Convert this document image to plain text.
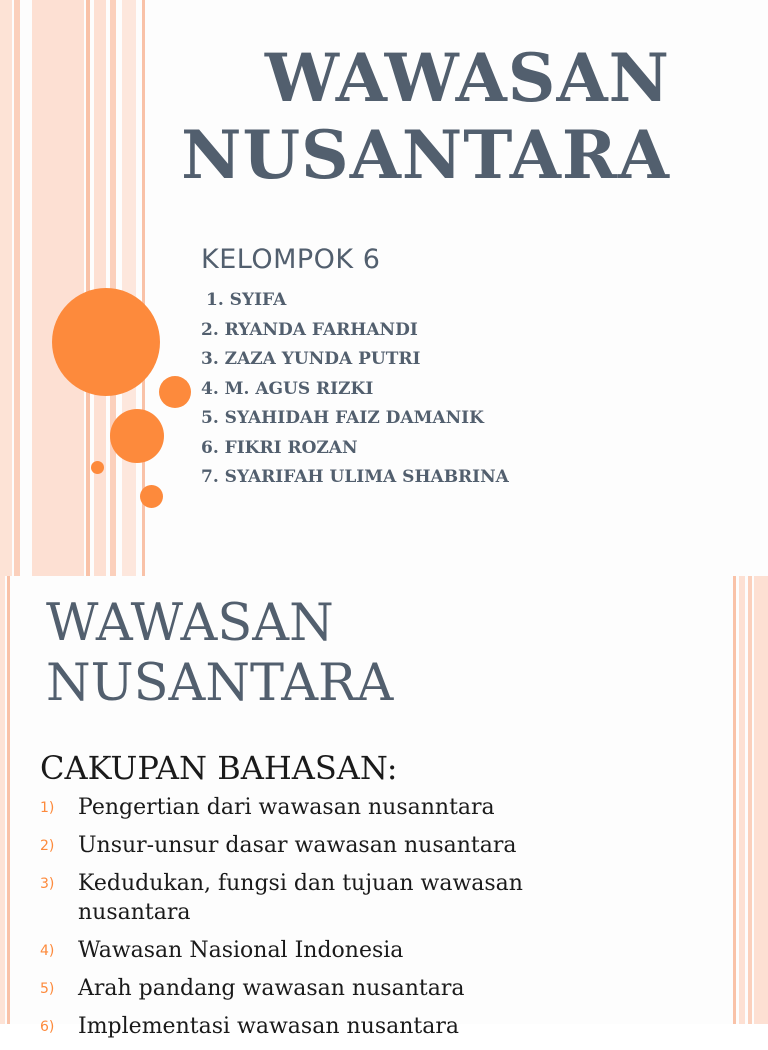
WAWASAN
NUSANTARA
KELOMPOK 6
1. SYIFA
2. RYANDA FARHANDI
3. ZAZA YUNDA PUTRI
4. M. AGUS RIZKI
5. SYAHIDAH FAIZ DAMANIK
6. FIKRI ROZAN
7. SYARIFAH ULIMA SHABRINA
WAWASAN
NUSANTARA
CAKUPAN BAHASAN:
1) Pengertian dari wawasan nusanntara
2) Unsur-unsur dasar wawasan nusantara
3) Kedudukan, fungsi dan tujuan wawasan nusantara
4) Wawasan Nasional Indonesia
5) Arah pandang wawasan nusantara
6) Implementasi wawasan nusantara
